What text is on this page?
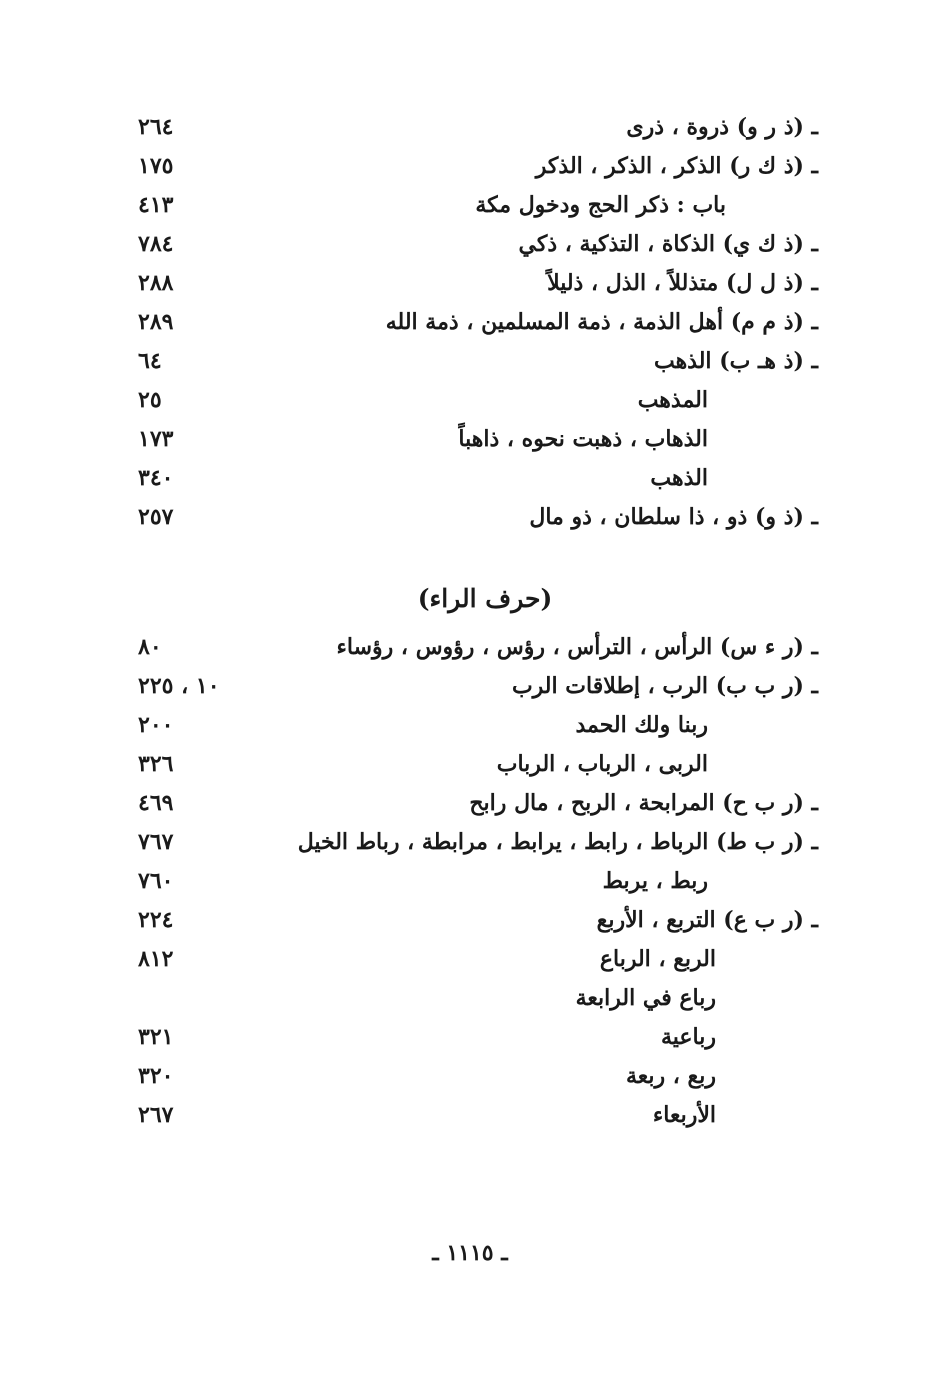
ـ (ذ ر و) ذروة ، ذرى
٢٦٤
ـ (ذ ك ر) الذكر ، الذكر ، الذكر
١٧٥
باب : ذكر الحج ودخول مكة
٤١٣
ـ (ذ ك ي) الذكاة ، التذكية ، ذكي
٧٨٤
ـ (ذ ل ل) متذللاً ، الذل ، ذليلاً
٢٨٨
ـ (ذ م م) أهل الذمة ، ذمة المسلمين ، ذمة الله
٢٨٩
ـ (ذ هـ ب) الذهب
٦٤
المذهب
٢٥
الذهاب ، ذهبت نحوه ، ذاهباً
١٧٣
الذهب
٣٤٠
ـ (ذ و) ذو ، ذا سلطان ، ذو مال
٢٥٧
(حرف الراء)
ـ (ر ء س) الرأس ، الترأس ، رؤس ، رؤوس ، رؤساء
٨٠
ـ (ر ب ب) الرب ، إطلاقات الرب
١٠ ، ٢٢٥
ربنا ولك الحمد
٢٠٠
الربى ، الرباب ، الرباب
٣٢٦
ـ (ر ب ح) المرابحة ، الربح ، مال رابح
٤٦٩
ـ (ر ب ط) الرباط ، رابط ، يرابط ، مرابطة ، رباط الخيل
٧٦٧
ربط ، يربط
٧٦٠
ـ (ر ب ع) التربع ، الأربع
٢٢٤
الربع ، الرباع
٨١٢
رباع في الرابعة
رباعية
٣٢١
ربع ، ربعة
٣٢٠
الأربعاء
٢٦٧
ـ ١١١٥ ـ
